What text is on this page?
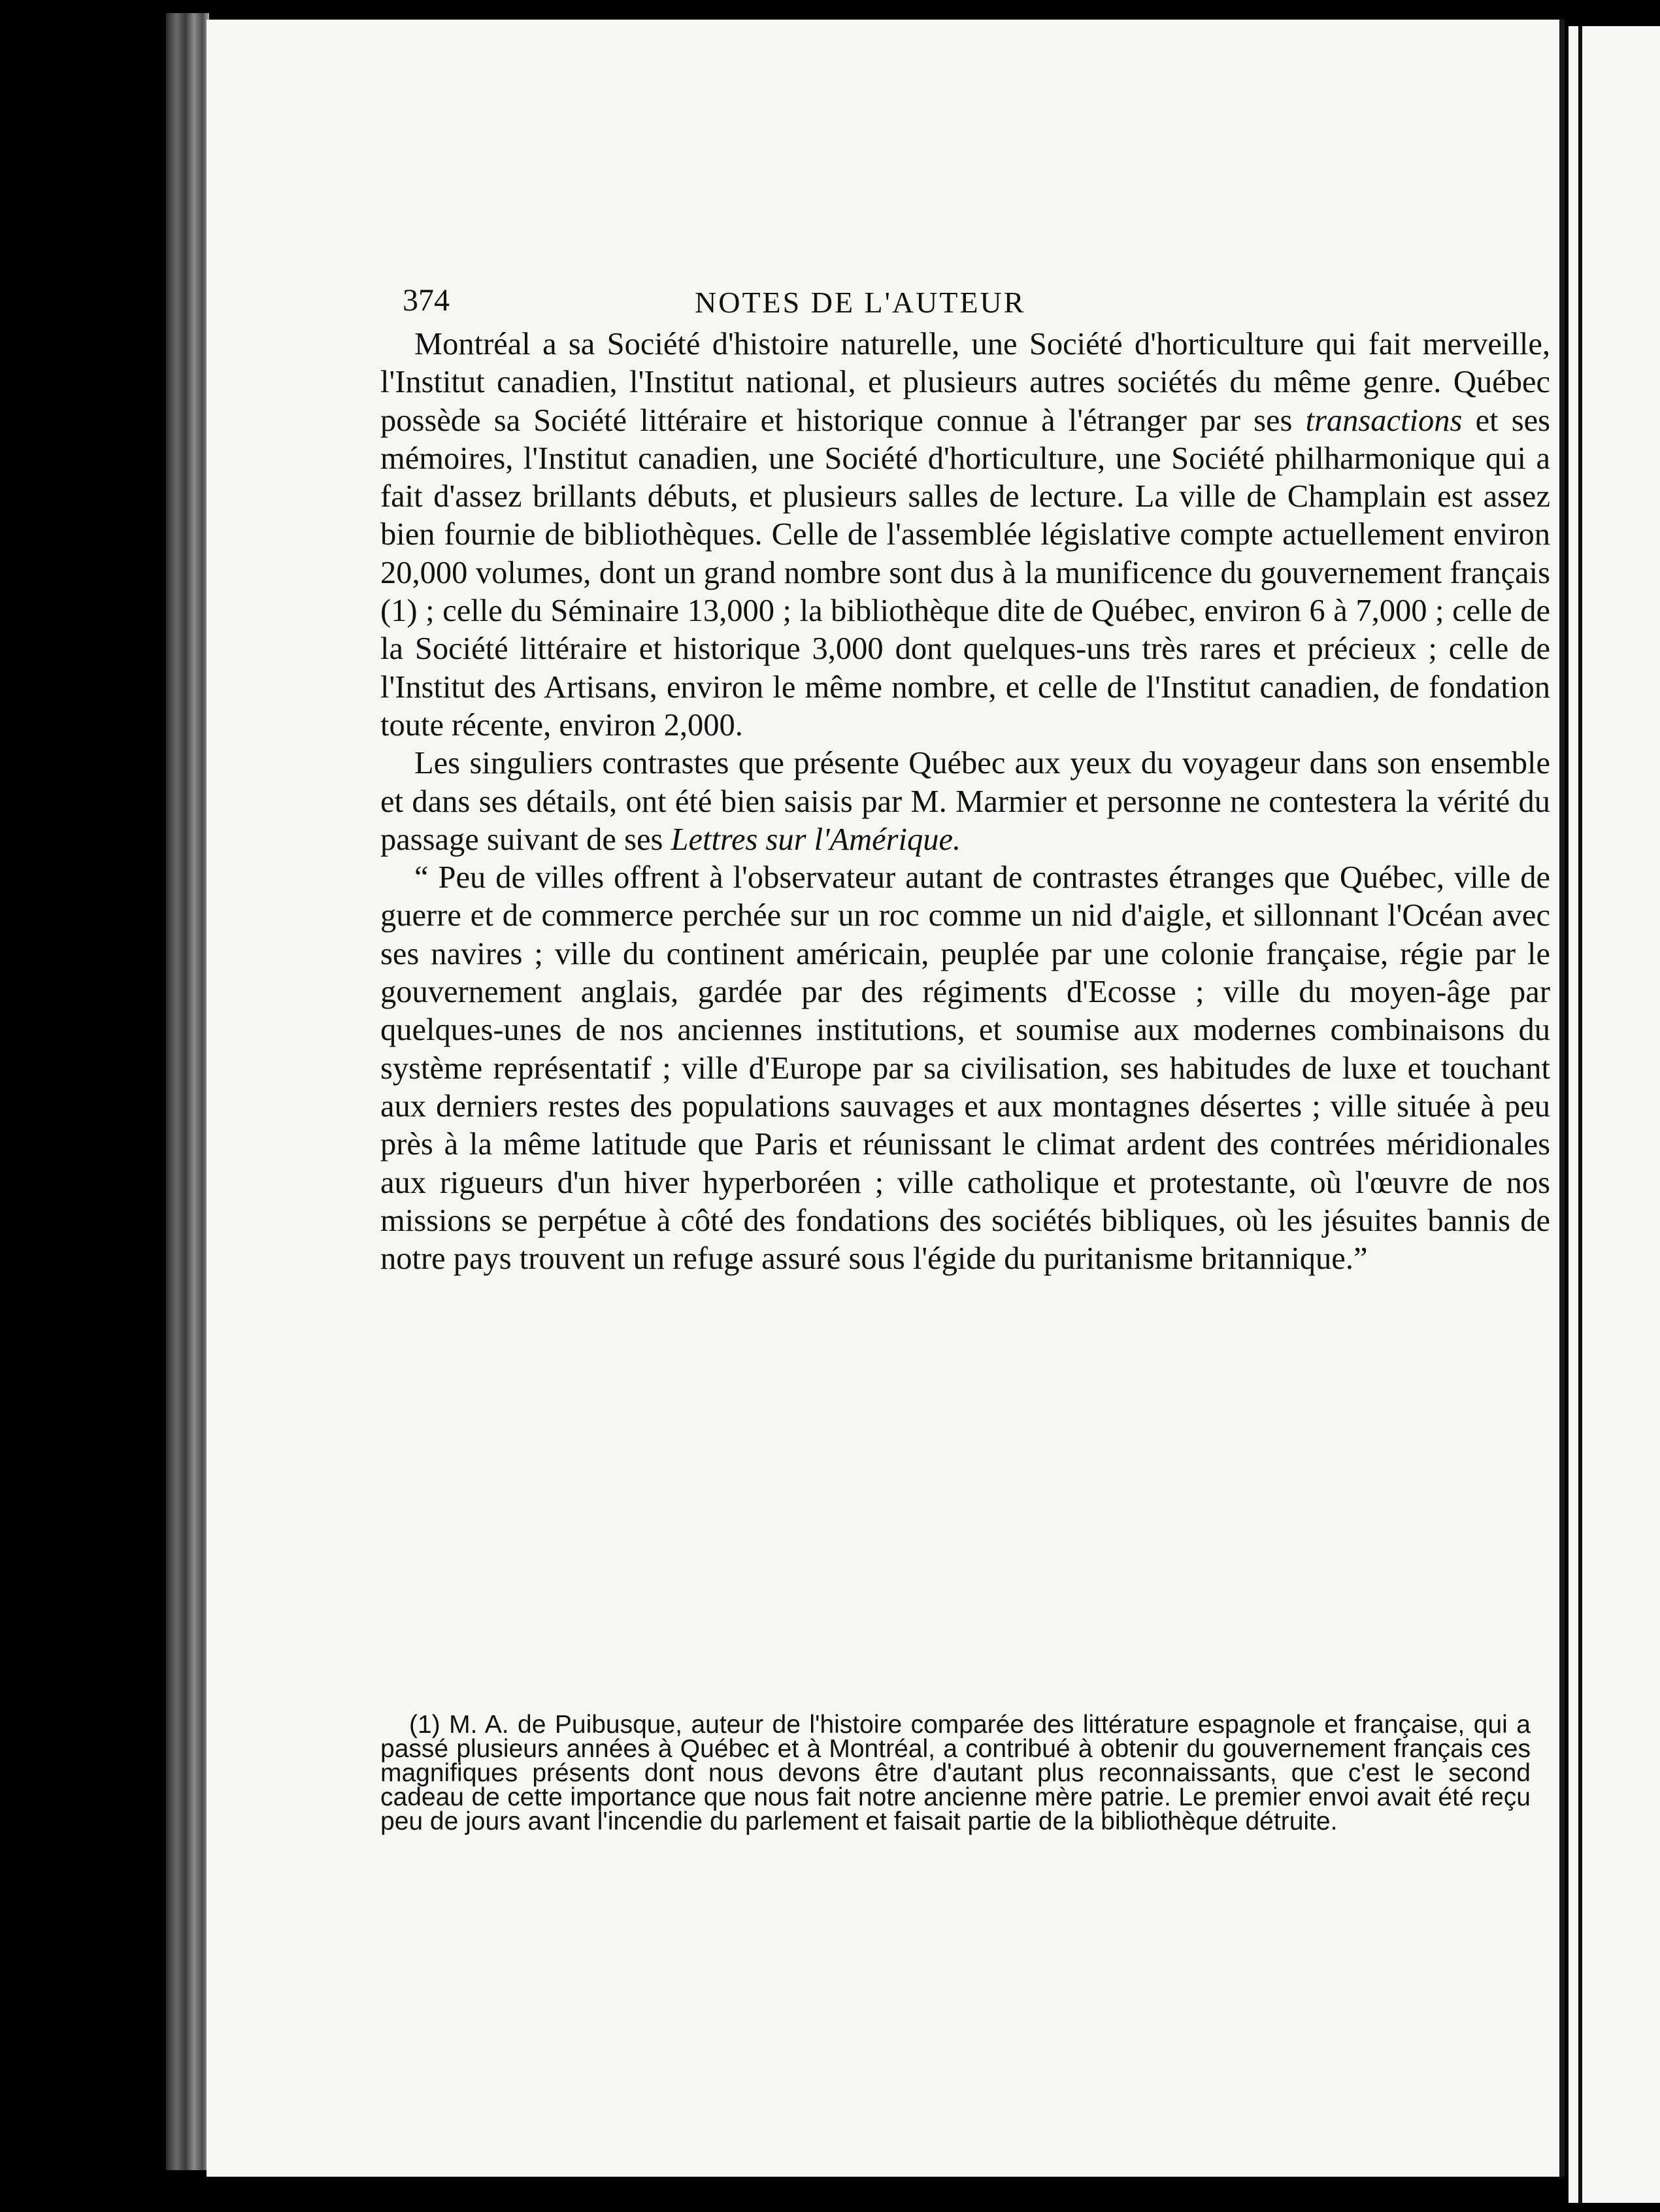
374	NOTES DE L'AUTEUR

Montréal a sa Société d'histoire naturelle, une Société d'horticulture qui fait merveille, l'Institut canadien, l'Institut national, et plusieurs autres sociétés du même genre. Québec possède sa Société littéraire et historique connue à l'étranger par ses transactions et ses mémoires, l'Institut canadien, une Société d'horticulture, une Société philharmonique qui a fait d'assez brillants débuts, et plusieurs salles de lecture. La ville de Champlain est assez bien fournie de bibliothèques. Celle de l'assemblée législative compte actuellement environ 20,000 volumes, dont un grand nombre sont dus à la munificence du gouvernement français (1) ; celle du Séminaire 13,000 ; la bibliothèque dite de Québec, environ 6 à 7,000 ; celle de la Société littéraire et historique 3,000 dont quelques-uns très rares et précieux ; celle de l'Institut des Artisans, environ le même nombre, et celle de l'Institut canadien, de fondation toute récente, environ 2,000.

Les singuliers contrastes que présente Québec aux yeux du voyageur dans son ensemble et dans ses détails, ont été bien saisis par M. Marmier et personne ne contestera la vérité du passage suivant de ses Lettres sur l'Amérique.

“ Peu de villes offrent à l'observateur autant de contrastes étranges que Québec, ville de guerre et de commerce perchée sur un roc comme un nid d'aigle, et sillonnant l'Océan avec ses navires ; ville du continent américain, peuplée par une colonie française, régie par le gouvernement anglais, gardée par des régiments d'Ecosse ; ville du moyen-âge par quelques-unes de nos anciennes institutions, et soumise aux modernes combinaisons du système représentatif ; ville d'Europe par sa civilisation, ses habitudes de luxe et touchant aux derniers restes des populations sauvages et aux montagnes désertes ; ville située à peu près à la même latitude que Paris et réunissant le climat ardent des contrées méridionales aux rigueurs d'un hiver hyperboréen ; ville catholique et protestante, où l'œuvre de nos missions se perpétue à côté des fondations des sociétés bibliques, où les jésuites bannis de notre pays trouvent un refuge assuré sous l'égide du puritanisme britannique.”

(1) M. A. de Puibusque, auteur de l'histoire comparée des littérature espagnole et française, qui a passé plusieurs années à Québec et à Montréal, a contribué à obtenir du gouvernement français ces magnifiques présents dont nous devons être d'autant plus reconnaissants, que c'est le second cadeau de cette importance que nous fait notre ancienne mère patrie. Le premier envoi avait été reçu peu de jours avant l'incendie du parlement et faisait partie de la bibliothèque détruite.
